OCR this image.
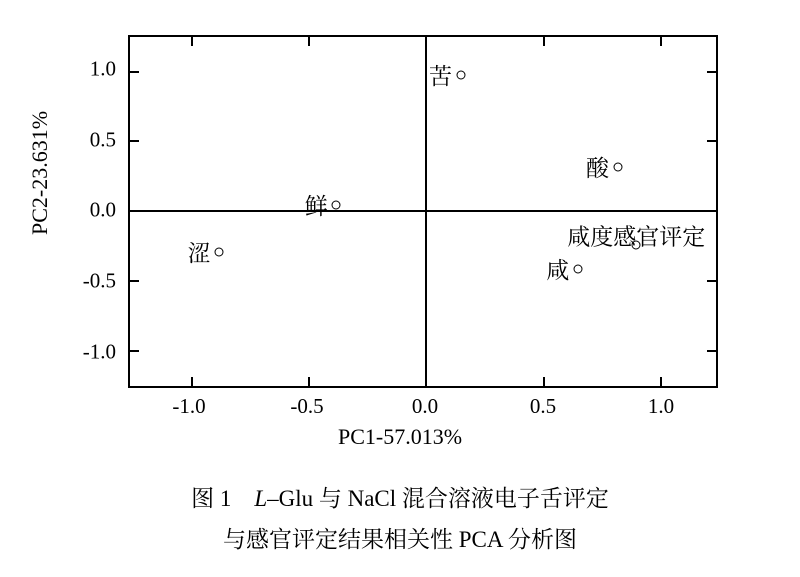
PC2-23.631%
苦
酸
鲜
涩
咸度感官评定
咸
-1.0	-0.5	0.0	0.5	1.0
1.0
0.5
0.0
-0.5
-1.0
PC1-57.013%
图 1 L–Glu 与 NaCl 混合溶液电子舌评定
与感官评定结果相关性 PCA 分析图
